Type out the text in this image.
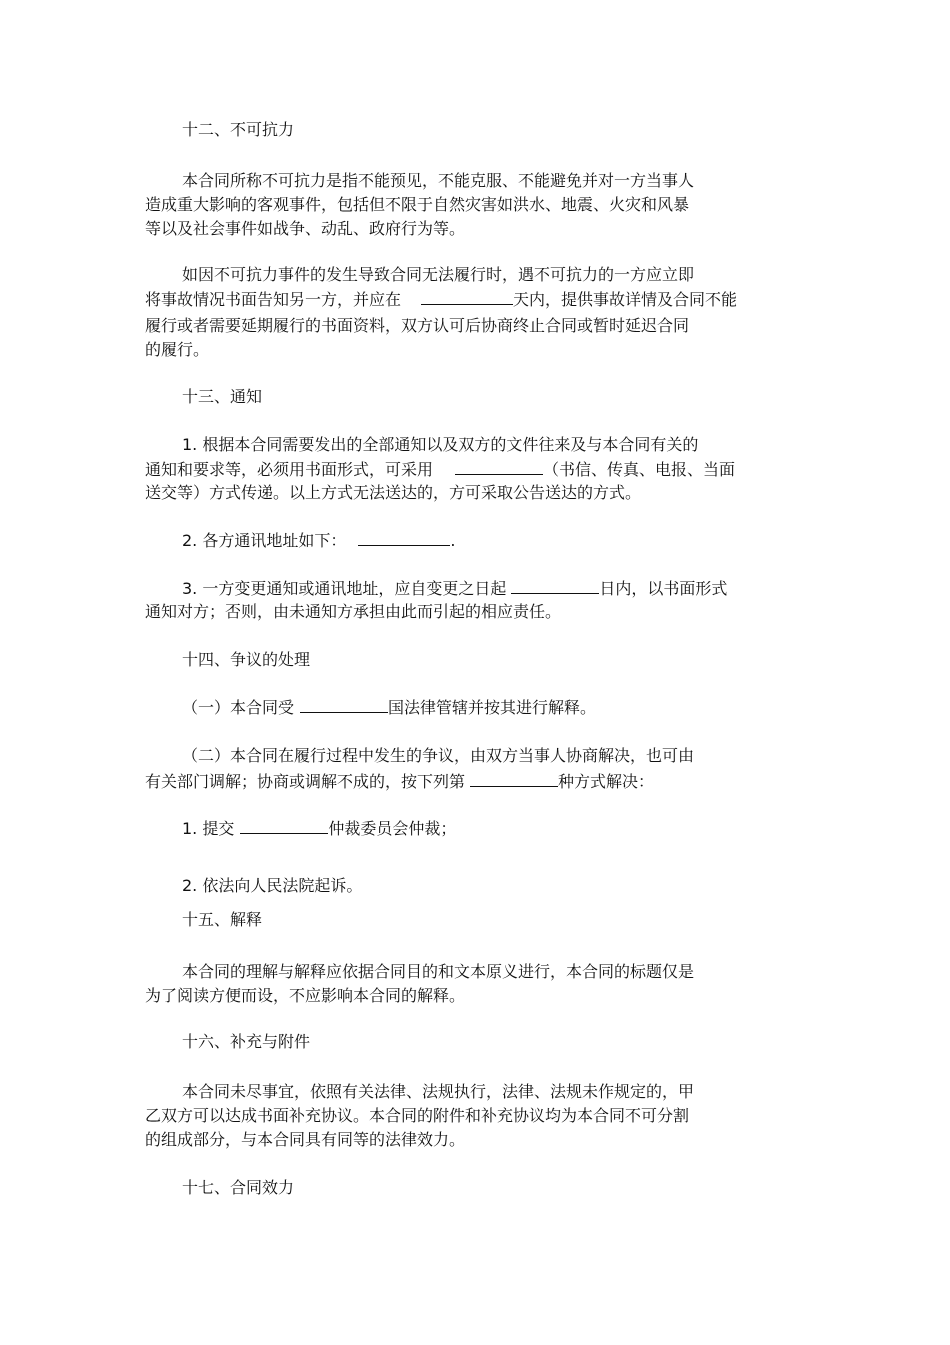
十二、不可抗力
本合同所称不可抗力是指不能预见，不能克服、不能避免并对一方当事人
造成重大影响的客观事件，包括但不限于自然灾害如洪水、地震、火灾和风暴
等以及社会事件如战争、动乱、政府行为等。
如因不可抗力事件的发生导致合同无法履行时，遇不可抗力的一方应立即
将事故情况书面告知另一方，并应在	天内，提供事故详情及合同不能
履行或者需要延期履行的书面资料，双方认可后协商终止合同或暂时延迟合同
的履行。
十三、通知
1. 根据本合同需要发出的全部通知以及双方的文件往来及与本合同有关的
通知和要求等，必须用书面形式，可采用	（书信、传真、电报、当面
送交等）方式传递。以上方式无法送达的，方可采取公告送达的方式。
2. 各方通讯地址如下：	.
3. 一方变更通知或通讯地址，应自变更之日起	日内，以书面形式
通知对方；否则，由未通知方承担由此而引起的相应责任。
十四、争议的处理
（一）本合同受	国法律管辖并按其进行解释。
（二）本合同在履行过程中发生的争议，由双方当事人协商解决，也可由
有关部门调解；协商或调解不成的，按下列第	种方式解决：
1. 提交	仲裁委员会仲裁；
2. 依法向人民法院起诉。
十五、解释
本合同的理解与解释应依据合同目的和文本原义进行，本合同的标题仅是
为了阅读方便而设，不应影响本合同的解释。
十六、补充与附件
本合同未尽事宜，依照有关法律、法规执行，法律、法规未作规定的，甲
乙双方可以达成书面补充协议。本合同的附件和补充协议均为本合同不可分割
的组成部分，与本合同具有同等的法律效力。
十七、合同效力
